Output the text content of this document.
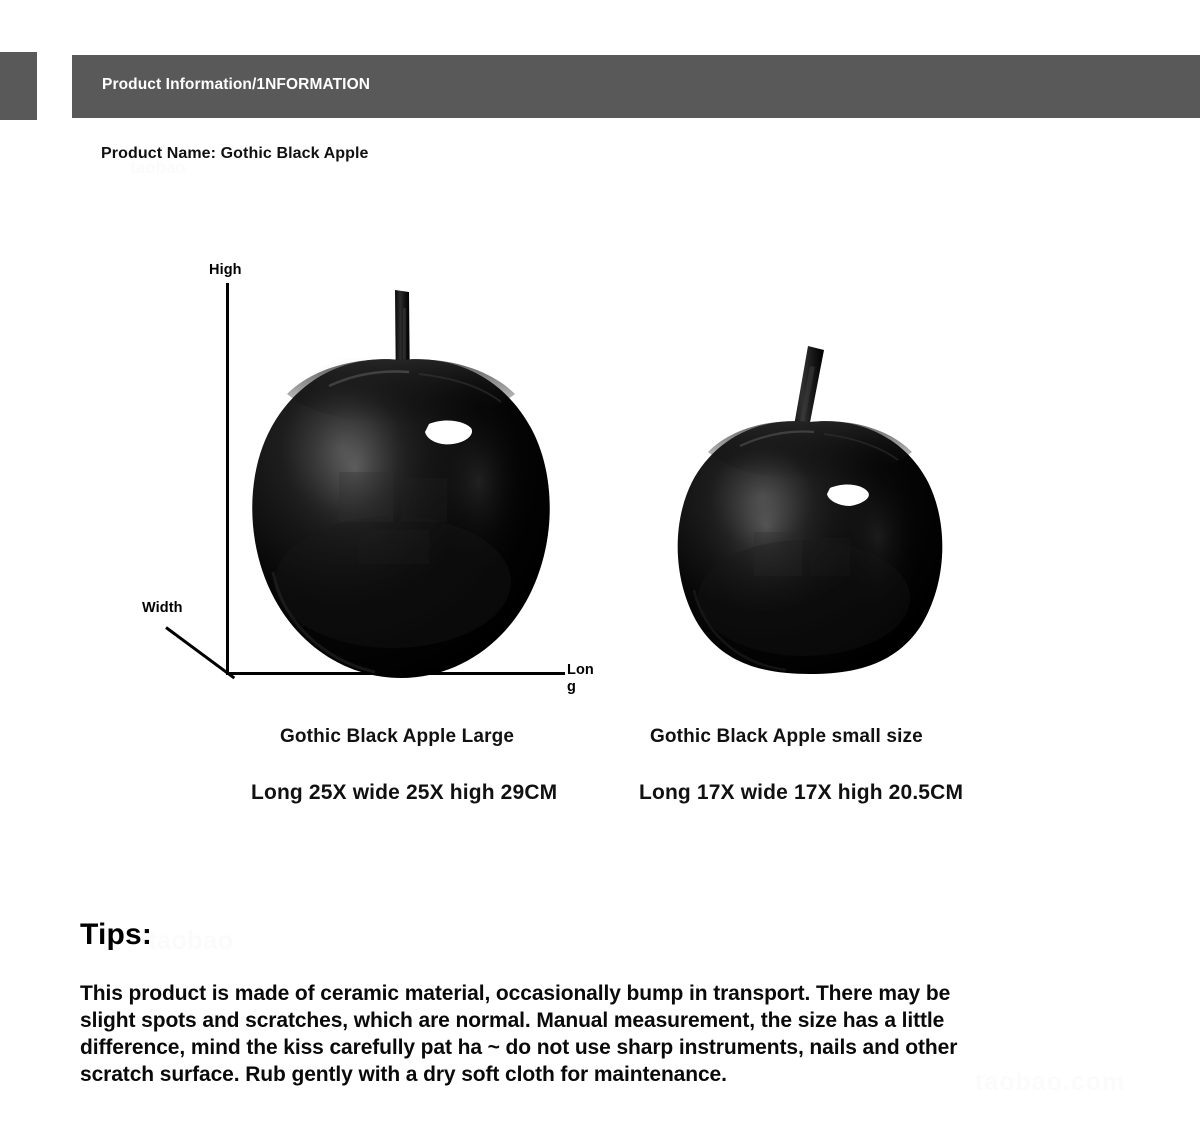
Product Information/1NFORMATION
taobao
Product Name: Gothic Black Apple
High
Width
Long
Gothic Black Apple Large
Long 25X wide 25X high 29CM
Gothic Black Apple small size
Long 17X wide 17X high 20.5CM
taobao
Tips:
This product is made of ceramic material, occasionally bump in transport. There may be
slight spots and scratches, which are normal. Manual measurement, the size has a little
difference, mind the kiss carefully pat ha ~ do not use sharp instruments, nails and other
scratch surface. Rub gently with a dry soft cloth for maintenance.	taobao.com
